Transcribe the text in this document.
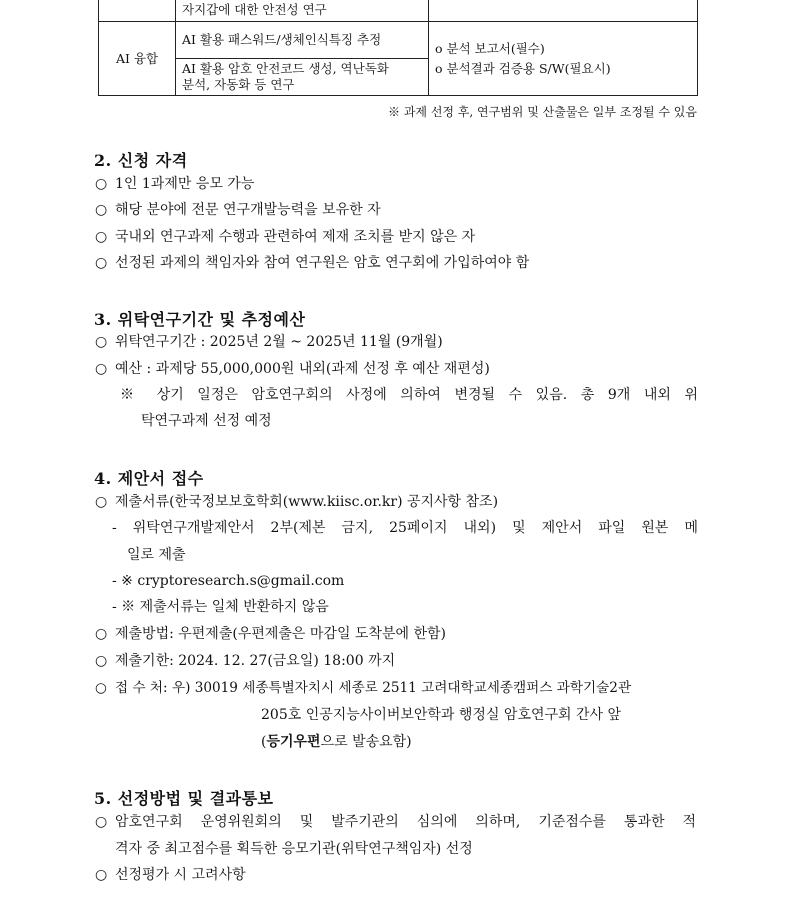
	자지갑에 대한 안전성 연구	
AI 융합	AI 활용 패스워드/생체인식특징 추정	o 분석 보고서(필수)
o 분석결과 검증용 S/W(필요시)

	AI 활용 암호 안전코드 생성, 역난독화
분석, 자동화 등 연구	
※ 과제 선정 후, 연구범위 및 산출물은 일부 조정될 수 있음
2. 신청 자격
○ 1인 1과제만 응모 가능
○ 해당 분야에 전문 연구개발능력을 보유한 자
○ 국내외 연구과제 수행과 관련하여 제재 조치를 받지 않은 자
○ 선정된 과제의 책임자와 참여 연구원은 암호 연구회에 가입하여야 함
3. 위탁연구기간 및 추정예산
○ 위탁연구기간 : 2025년 2월 ~ 2025년 11월 (9개월)
○ 예산 : 과제당 55,000,000원 내외(과제 선정 후 예산 재편성)
※ 상기 일정은 암호연구회의 사정에 의하여 변경될 수 있음. 총 9개 내외 위
탁연구과제 선정 예정
4. 제안서 접수
○ 제출서류(한국정보보호학회(www.kiisc.or.kr) 공지사항 참조)
- 위탁연구개발제안서 2부(제본 금지, 25페이지 내외) 및 제안서 파일 원본 메
일로 제출
- ※ cryptoresearch.s@gmail.com
- ※ 제출서류는 일체 반환하지 않음
○ 제출방법: 우편제출(우편제출은 마감일 도착분에 한함)
○ 제출기한: 2024. 12. 27(금요일) 18:00 까지
○ 접 수 처: 우) 30019 세종특별자치시 세종로 2511 고려대학교세종캠퍼스 과학기술2관
205호 인공지능사이버보안학과 행정실 암호연구회 간사 앞
(등기우편으로 발송요함)
5. 선정방법 및 결과통보
○ 암호연구회 운영위원회의 및 발주기관의 심의에 의하며, 기준점수를 통과한 적
격자 중 최고점수를 획득한 응모기관(위탁연구책임자) 선정
○ 선정평가 시 고려사항
